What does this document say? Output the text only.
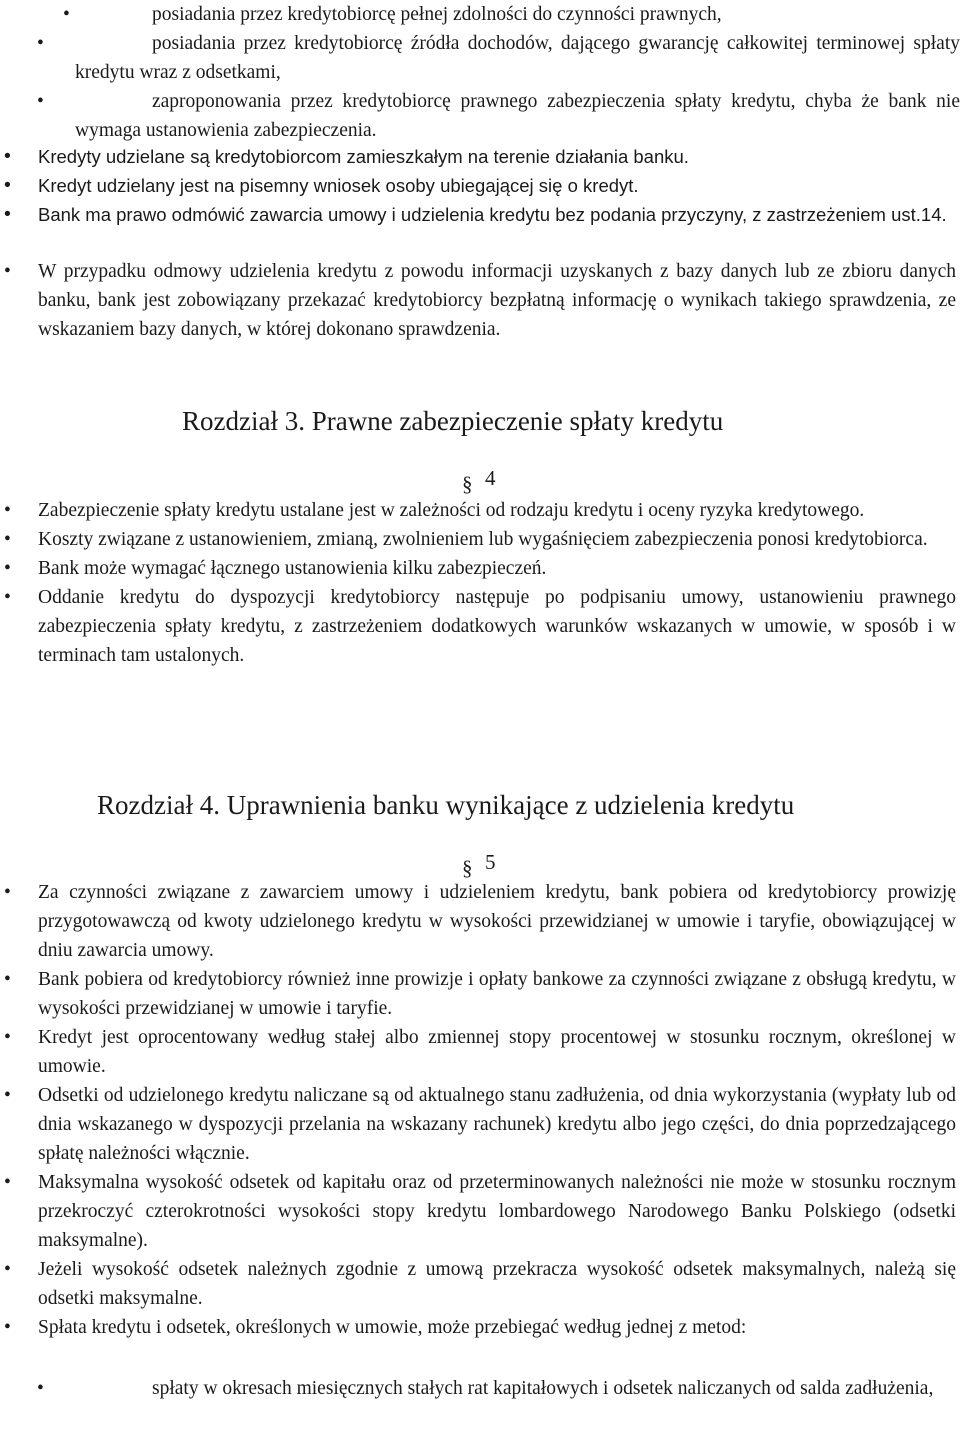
•	posiadania przez kredytobiorcę pełnej zdolności do czynności prawnych,
•	posiadania przez kredytobiorcę źródła dochodów, dającego gwarancję całkowitej terminowej spłaty kredytu wraz z odsetkami,
•	zaproponowania przez kredytobiorcę prawnego zabezpieczenia spłaty kredytu, chyba że bank nie wymaga ustanowienia zabezpieczenia.
• Kredyty udzielane są kredytobiorcom zamieszkałym na terenie działania banku.
• Kredyt udzielany jest na pisemny wniosek osoby ubiegającej się o kredyt.
• Bank ma prawo odmówić zawarcia umowy i udzielenia kredytu bez podania przyczyny, z zastrzeżeniem ust.14.
• W przypadku odmowy udzielenia kredytu z powodu informacji uzyskanych z bazy danych lub ze zbioru danych banku, bank jest zobowiązany przekazać kredytobiorcy bezpłatną informację o wynikach takiego sprawdzenia, ze wskazaniem bazy danych, w której dokonano sprawdzenia.
Rozdział 3. Prawne zabezpieczenie spłaty kredytu
§ 4
• Zabezpieczenie spłaty kredytu ustalane jest w zależności od rodzaju kredytu i oceny ryzyka kredytowego.
• Koszty związane z ustanowieniem, zmianą, zwolnieniem lub wygaśnięciem zabezpieczenia ponosi kredytobiorca.
• Bank może wymagać łącznego ustanowienia kilku zabezpieczeń.
• Oddanie kredytu do dyspozycji kredytobiorcy następuje po podpisaniu umowy, ustanowieniu prawnego zabezpieczenia spłaty kredytu, z zastrzeżeniem dodatkowych warunków wskazanych w umowie, w sposób i w terminach tam ustalonych.
Rozdział 4. Uprawnienia banku wynikające z udzielenia kredytu
§ 5
• Za czynności związane z zawarciem umowy i udzieleniem kredytu, bank pobiera od kredytobiorcy prowizję przygotowawczą od kwoty udzielonego kredytu w wysokości przewidzianej w umowie i taryfie, obowiązującej w dniu zawarcia umowy.
• Bank pobiera od kredytobiorcy również inne prowizje i opłaty bankowe za czynności związane z obsługą kredytu, w wysokości przewidzianej w umowie i taryfie.
• Kredyt jest oprocentowany według stałej albo zmiennej stopy procentowej w stosunku rocznym, określonej w umowie.
• Odsetki od udzielonego kredytu naliczane są od aktualnego stanu zadłużenia, od dnia wykorzystania (wypłaty lub od dnia wskazanego w dyspozycji przelania na wskazany rachunek) kredytu albo jego części, do dnia poprzedzającego spłatę należności włącznie.
• Maksymalna wysokość odsetek od kapitału oraz od przeterminowanych należności nie może w stosunku rocznym przekroczyć czterokrotności wysokości stopy kredytu lombardowego Narodowego Banku Polskiego (odsetki maksymalne).
• Jeżeli wysokość odsetek należnych zgodnie z umową przekracza wysokość odsetek maksymalnych, należą się odsetki maksymalne.
• Spłata kredytu i odsetek, określonych w umowie, może przebiegać według jednej z metod:
•	spłaty w okresach miesięcznych stałych rat kapitałowych i odsetek naliczanych od salda zadłużenia,
